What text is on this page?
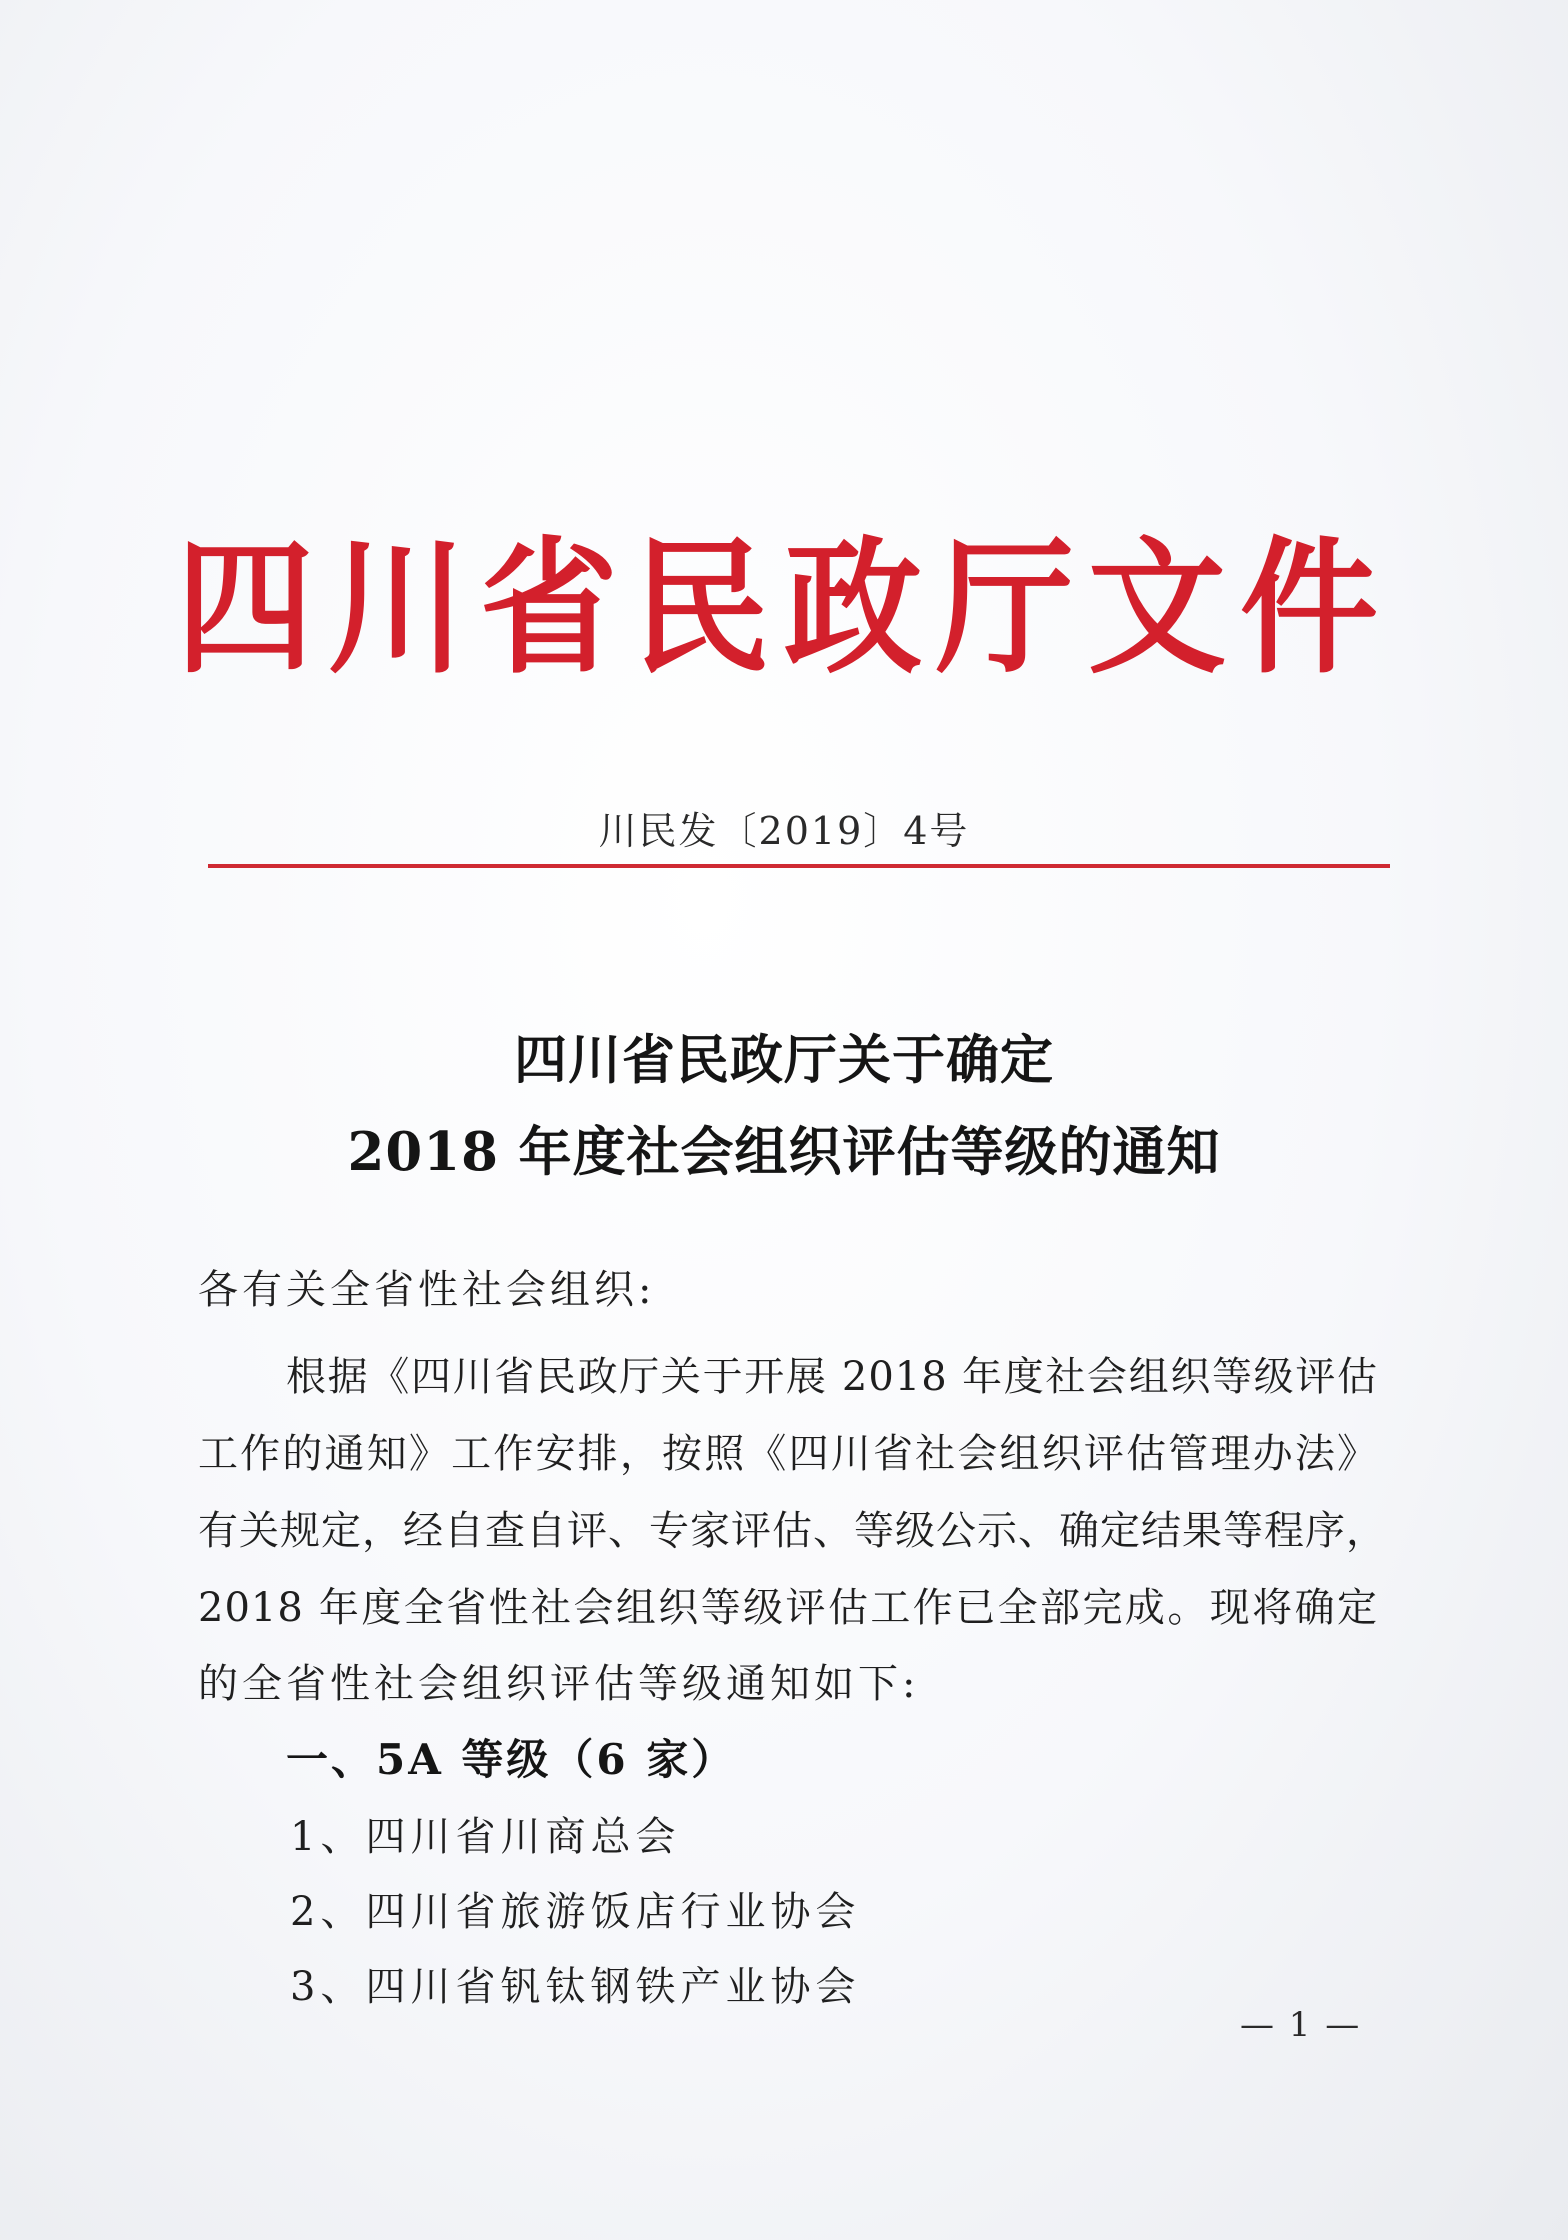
四川省民政厅文件
川民发〔2019〕4号
四川省民政厅关于确定
2018 年度社会组织评估等级的通知
各有关全省性社会组织:
根据《四川省民政厅关于开展 2018 年度社会组织等级评估
工作的通知》工作安排，按照《四川省社会组织评估管理办法》
有关规定，经自查自评、专家评估、等级公示、确定结果等程序，
2018 年度全省性社会组织等级评估工作已全部完成。现将确定
的全省性社会组织评估等级通知如下:
一、5A 等级（6 家）
1、四川省川商总会
2、四川省旅游饭店行业协会
3、四川省钒钛钢铁产业协会
— 1 —
